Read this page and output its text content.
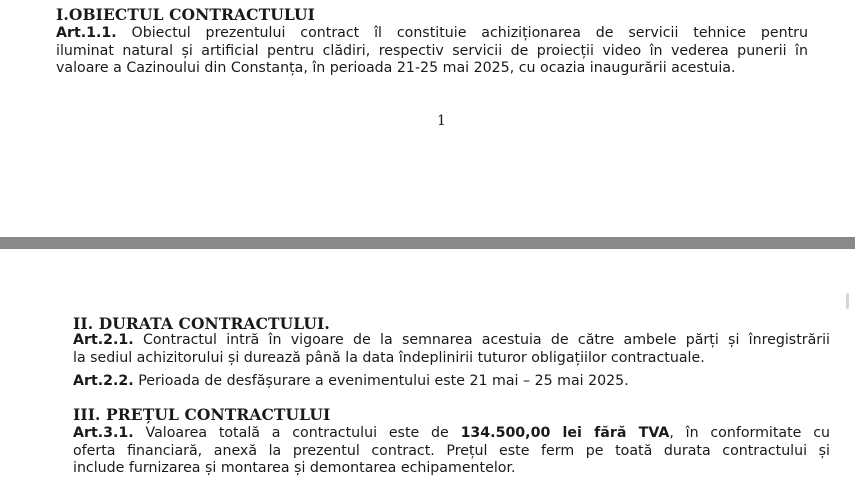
I.OBIECTUL CONTRACTULUI
Art.1.1. Obiectul prezentului contract îl constituie achiziționarea de servicii tehnice pentru
iluminat natural și artificial pentru clădiri, respectiv servicii de proiecții video în vederea punerii în
valoare a Cazinoului din Constanța, în perioada 21-25 mai 2025, cu ocazia inaugurării acestuia.
1
II. DURATA CONTRACTULUI.
Art.2.1. Contractul intră în vigoare de la semnarea acestuia de către ambele părți și înregistrării
la sediul achizitorului și durează până la data îndeplinirii tuturor obligațiilor contractuale.
Art.2.2. Perioada de desfășurare a evenimentului este 21 mai – 25 mai 2025.
III. PREȚUL CONTRACTULUI
Art.3.1. Valoarea totală a contractului este de 134.500,00 lei fără TVA, în conformitate cu
oferta financiară, anexă la prezentul contract. Prețul este ferm pe toată durata contractului și
include furnizarea și montarea și demontarea echipamentelor.
